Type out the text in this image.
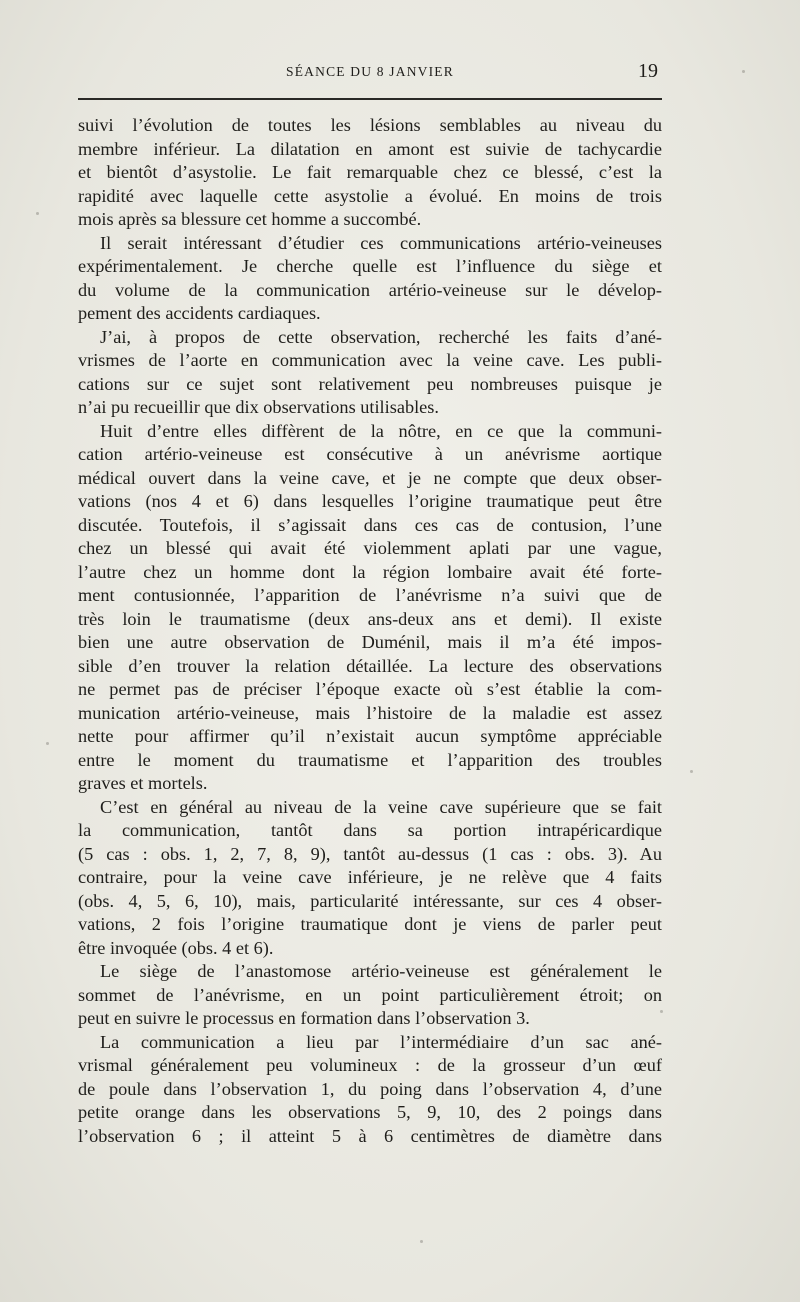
SÉANCE DU 8 JANVIER	19
suivi l’évolution de toutes les lésions semblables au niveau du
membre inférieur. La dilatation en amont est suivie de tachycardie
et bientôt d’asystolie. Le fait remarquable chez ce blessé, c’est la
rapidité avec laquelle cette asystolie a évolué. En moins de trois
mois après sa blessure cet homme a succombé.
Il serait intéressant d’étudier ces communications artério-veineuses
expérimentalement. Je cherche quelle est l’influence du siège et
du volume de la communication artério-veineuse sur le dévelop-
pement des accidents cardiaques.
J’ai, à propos de cette observation, recherché les faits d’ané-
vrismes de l’aorte en communication avec la veine cave. Les publi-
cations sur ce sujet sont relativement peu nombreuses puisque je
n’ai pu recueillir que dix observations utilisables.
Huit d’entre elles diffèrent de la nôtre, en ce que la communi-
cation artério-veineuse est consécutive à un anévrisme aortique
médical ouvert dans la veine cave, et je ne compte que deux obser-
vations (nos 4 et 6) dans lesquelles l’origine traumatique peut être
discutée. Toutefois, il s’agissait dans ces cas de contusion, l’une
chez un blessé qui avait été violemment aplati par une vague,
l’autre chez un homme dont la région lombaire avait été forte-
ment contusionnée, l’apparition de l’anévrisme n’a suivi que de
très loin le traumatisme (deux ans-deux ans et demi). Il existe
bien une autre observation de Duménil, mais il m’a été impos-
sible d’en trouver la relation détaillée. La lecture des observations
ne permet pas de préciser l’époque exacte où s’est établie la com-
munication artério-veineuse, mais l’histoire de la maladie est assez
nette pour affirmer qu’il n’existait aucun symptôme appréciable
entre le moment du traumatisme et l’apparition des troubles
graves et mortels.
C’est en général au niveau de la veine cave supérieure que se fait
la communication, tantôt dans sa portion intrapéricardique
(5 cas : obs. 1, 2, 7, 8, 9), tantôt au-dessus (1 cas : obs. 3). Au
contraire, pour la veine cave inférieure, je ne relève que 4 faits
(obs. 4, 5, 6, 10), mais, particularité intéressante, sur ces 4 obser-
vations, 2 fois l’origine traumatique dont je viens de parler peut
être invoquée (obs. 4 et 6).
Le siège de l’anastomose artério-veineuse est généralement le
sommet de l’anévrisme, en un point particulièrement étroit; on
peut en suivre le processus en formation dans l’observation 3.
La communication a lieu par l’intermédiaire d’un sac ané-
vrismal généralement peu volumineux : de la grosseur d’un œuf
de poule dans l’observation 1, du poing dans l’observation 4, d’une
petite orange dans les observations 5, 9, 10, des 2 poings dans
l’observation 6 ; il atteint 5 à 6 centimètres de diamètre dans
